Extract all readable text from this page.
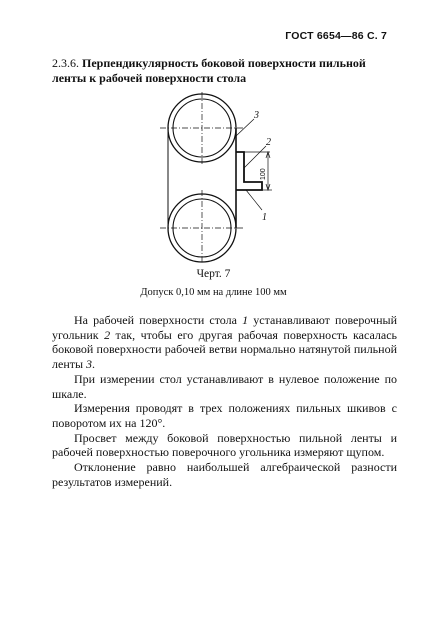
ГОСТ 6654—86 С. 7
2.3.6. Перпендикулярность боковой поверхности пильной ленты к рабочей поверхности стола
3
2
1
100
Черт. 7
Допуск 0,10 мм на длине 100 мм

На рабочей поверхности стола 1 устанавливают поверочный угольник 2 так, чтобы его другая рабочая поверхность касалась боковой поверхности рабочей ветви нормально натянутой пильной ленты 3.

При измерении стол устанавливают в нулевое положение по шкале.

Измерения проводят в трех положениях пильных шкивов с поворотом их на 120°.

Просвет между боковой поверхностью пильной ленты и рабочей поверхностью поверочного угольника измеряют щупом.

Отклонение равно наибольшей алгебраической разности результатов измерений.
